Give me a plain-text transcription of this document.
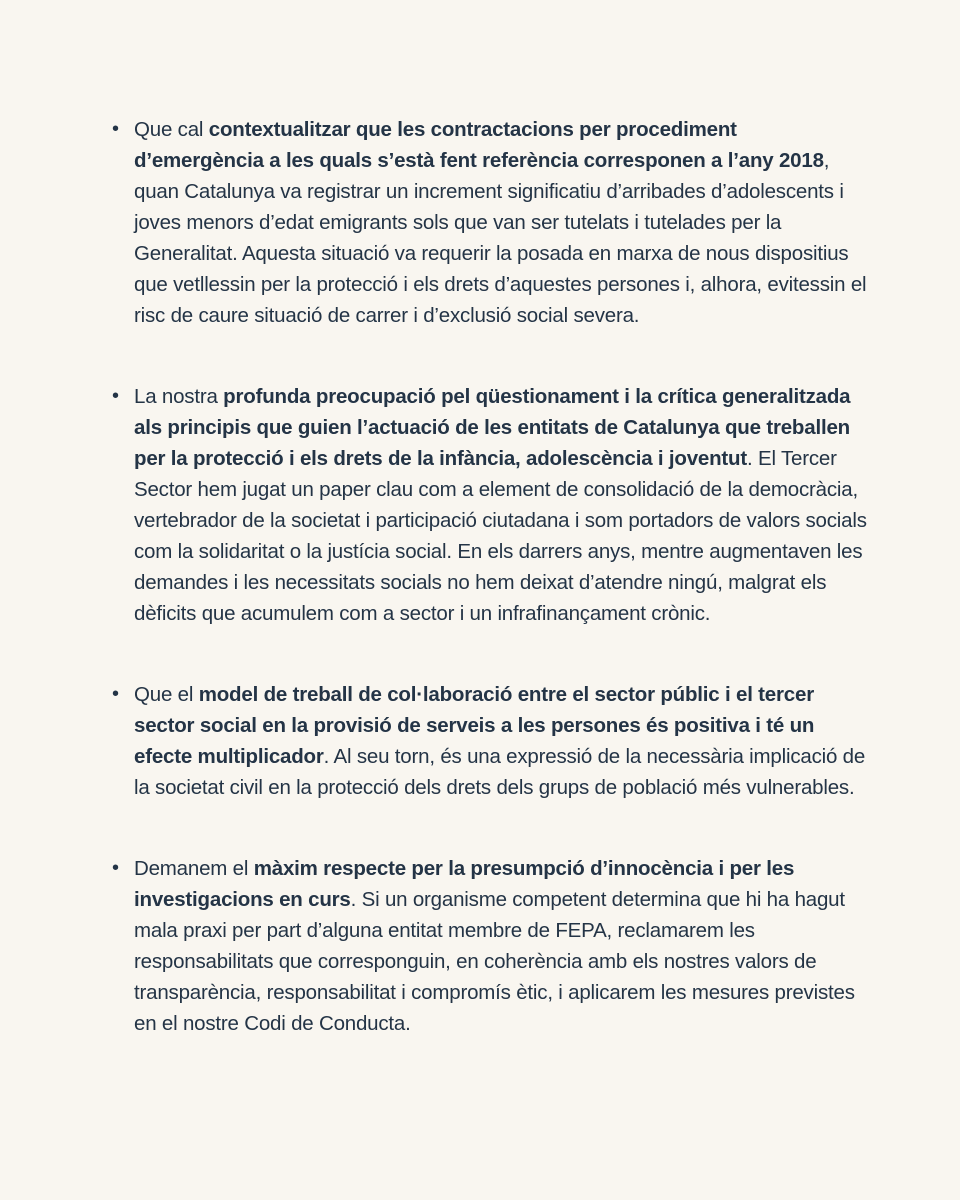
• Que cal contextualitzar que les contractacions per procediment d’emergència a les quals s’està fent referència corresponen a l’any 2018, quan Catalunya va registrar un increment significatiu d’arribades d’adolescents i joves menors d’edat emigrants sols que van ser tutelats i tutelades per la Generalitat. Aquesta situació va requerir la posada en marxa de nous dispositius que vetllessin per la protecció i els drets d’aquestes persones i, alhora, evitessin el risc de caure situació de carrer i d’exclusió social severa.
• La nostra profunda preocupació pel qüestionament i la crítica generalitzada als principis que guien l’actuació de les entitats de Catalunya que treballen per la protecció i els drets de la infància, adolescència i joventut. El Tercer Sector hem jugat un paper clau com a element de consolidació de la democràcia, vertebrador de la societat i participació ciutadana i som portadors de valors socials com la solidaritat o la justícia social. En els darrers anys, mentre augmentaven les demandes i les necessitats socials no hem deixat d’atendre ningú, malgrat els dèficits que acumulem com a sector i un infrafinançament crònic.
• Que el model de treball de col·laboració entre el sector públic i el tercer sector social en la provisió de serveis a les persones és positiva i té un efecte multiplicador. Al seu torn, és una expressió de la necessària implicació de la societat civil en la protecció dels drets dels grups de població més vulnerables.
• Demanem el màxim respecte per la presumpció d’innocència i per les investigacions en curs. Si un organisme competent determina que hi ha hagut mala praxi per part d’alguna entitat membre de FEPA, reclamarem les responsabilitats que corresponguin, en coherència amb els nostres valors de transparència, responsabilitat i compromís ètic, i aplicarem les mesures previstes en el nostre Codi de Conducta.
